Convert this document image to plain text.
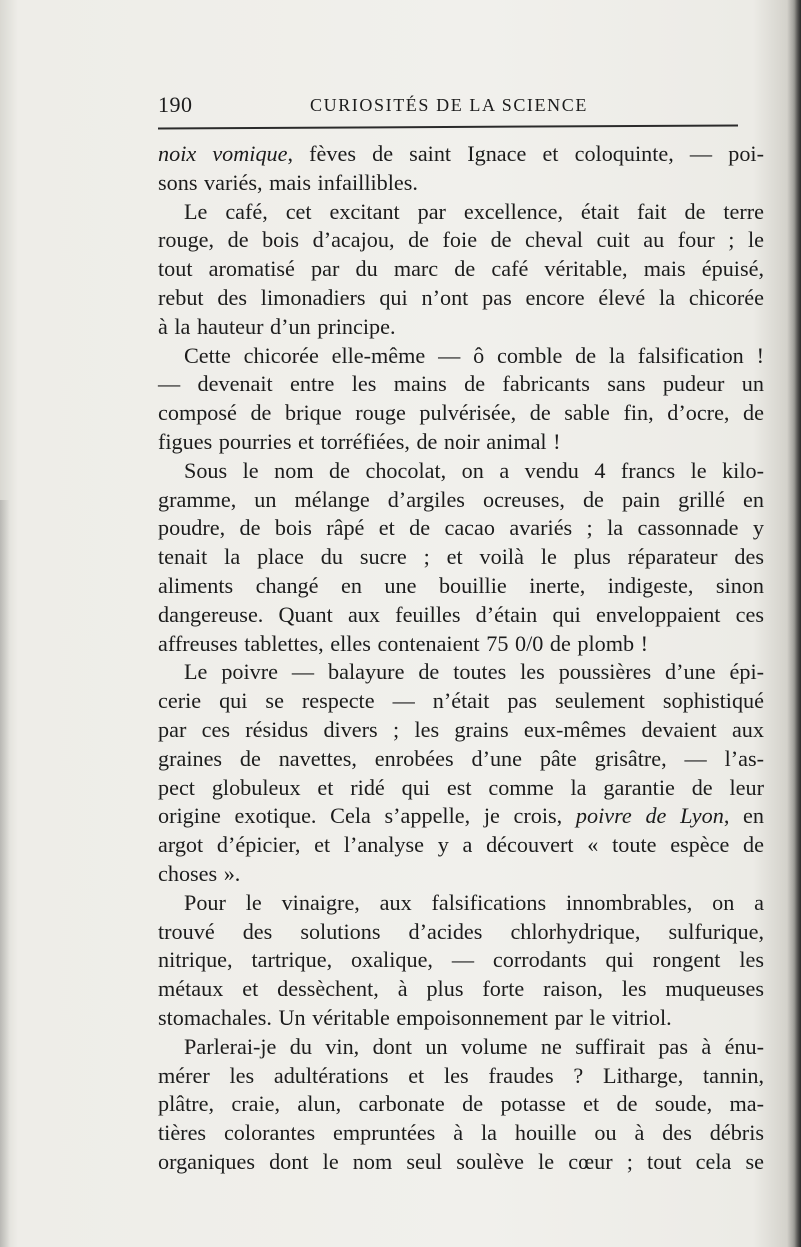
190	CURIOSITÉS DE LA SCIENCE
noix vomique, fèves de saint Ignace et coloquinte, — poi-
sons variés, mais infaillibles.
Le café, cet excitant par excellence, était fait de terre
rouge, de bois d’acajou, de foie de cheval cuit au four ; le
tout aromatisé par du marc de café véritable, mais épuisé,
rebut des limonadiers qui n’ont pas encore élevé la chicorée
à la hauteur d’un principe.
Cette chicorée elle-même — ô comble de la falsification !
— devenait entre les mains de fabricants sans pudeur un
composé de brique rouge pulvérisée, de sable fin, d’ocre, de
figues pourries et torréfiées, de noir animal !
Sous le nom de chocolat, on a vendu 4 francs le kilo-
gramme, un mélange d’argiles ocreuses, de pain grillé en
poudre, de bois râpé et de cacao avariés ; la cassonnade y
tenait la place du sucre ; et voilà le plus réparateur des
aliments changé en une bouillie inerte, indigeste, sinon
dangereuse. Quant aux feuilles d’étain qui enveloppaient ces
affreuses tablettes, elles contenaient 75 0/0 de plomb !
Le poivre — balayure de toutes les poussières d’une épi-
cerie qui se respecte — n’était pas seulement sophistiqué
par ces résidus divers ; les grains eux-mêmes devaient aux
graines de navettes, enrobées d’une pâte grisâtre, — l’as-
pect globuleux et ridé qui est comme la garantie de leur
origine exotique. Cela s’appelle, je crois, poivre de Lyon, en
argot d’épicier, et l’analyse y a découvert « toute espèce de
choses ».
Pour le vinaigre, aux falsifications innombrables, on a
trouvé des solutions d’acides chlorhydrique, sulfurique,
nitrique, tartrique, oxalique, — corrodants qui rongent les
métaux et dessèchent, à plus forte raison, les muqueuses
stomachales. Un véritable empoisonnement par le vitriol.
Parlerai-je du vin, dont un volume ne suffirait pas à énu-
mérer les adultérations et les fraudes ? Litharge, tannin,
plâtre, craie, alun, carbonate de potasse et de soude, ma-
tières colorantes empruntées à la houille ou à des débris
organiques dont le nom seul soulève le cœur ; tout cela se
